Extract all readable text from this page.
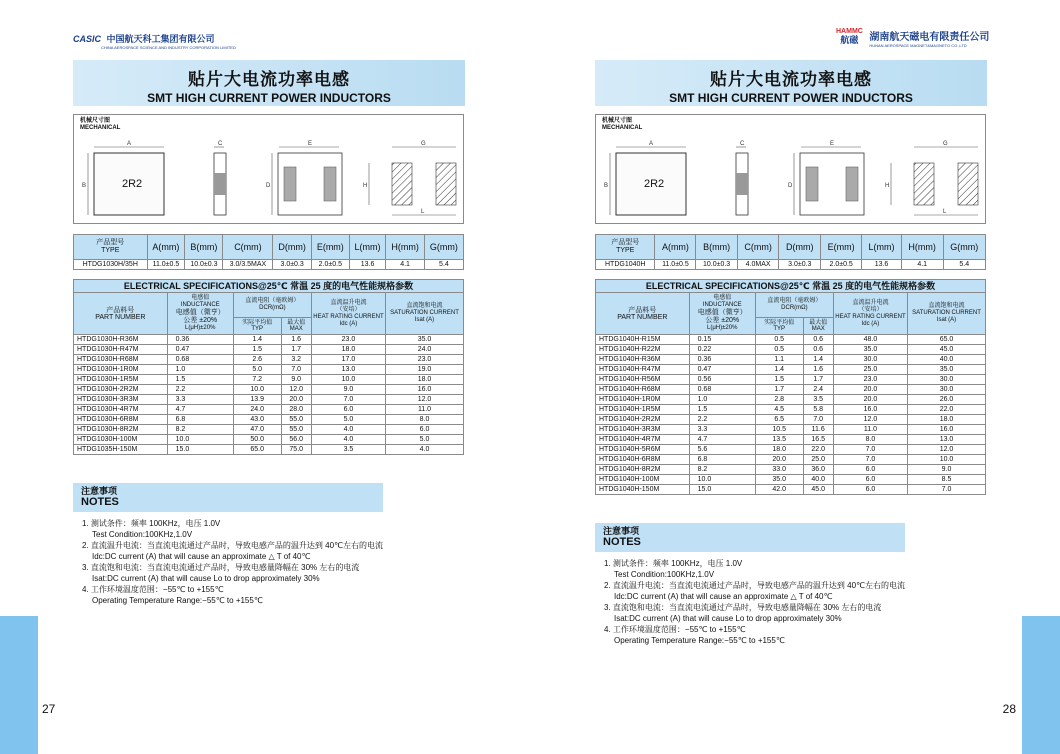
CASIC 中国航天科工集团有限公司
CHINA AEROSPACE SCIENCE AND INDUSTRY CORPORATION LIMITED
贴片大电流功率电感
SMT HIGH CURRENT POWER INDUCTORS
机械尺寸图
MECHANICAL
A
B
C
D
E	G
H
L
2R2
产品型号
TYPE	A(mm)	B(mm)	C(mm)	D(mm)	E(mm)	L(mm)	H(mm)	G(mm)
HTDG1030H/35H	11.0±0.5	10.0±0.3	3.0/3.5MAX	3.0±0.3	2.0±0.5	13.6	4.1	5.4
ELECTRICAL SPECIFICATIONS@25℃ 常温 25 度的电气性能规格参数					
产品料号
PART NUMBER	电感值
INDUCTANCE
电感值（微亨）
公差 ±20%
L(μH)±20%	直流电阻（毫欧姆）
DCR(mΩ)		直流温升电流
（安培）
HEAT RATING CURRENT
Idc (A)	直流饱和电流
SATURATION CURRENT
Isat (A)
		实际平均值
TYP	最大值
MAX		
HTDG1030H-R36M	0.36	1.4	1.6	23.0	35.0
HTDG1030H-R47M	0.47	1.5	1.7	18.0	24.0
HTDG1030H-R68M	0.68	2.6	3.2	17.0	23.0
HTDG1030H-1R0M	1.0	5.0	7.0	13.0	19.0
HTDG1030H-1R5M	1.5	7.2	9.0	10.0	18.0
HTDG1030H-2R2M	2.2	10.0	12.0	9.0	16.0
HTDG1030H-3R3M	3.3	13.9	20.0	7.0	12.0
HTDG1030H-4R7M	4.7	24.0	28.0	6.0	11.0
HTDG1030H-6R8M	6.8	43.0	55.0	5.0	8.0
HTDG1030H-8R2M	8.2	47.0	55.0	4.0	6.0
HTDG1030H-100M	10.0	50.0	56.0	4.0	5.0
HTDG1035H-150M	15.0	65.0	75.0	3.5	4.0
注意事项
NOTES
1. 测试条件：频率 100KHz，电压 1.0V
Test Condition:100KHz,1.0V
2. 直流温升电流：当直流电流通过产品时，导致电感产品的温升达到 40℃左右的电流
Idc:DC current (A) that will cause an approximate △ T of 40℃
3. 直流饱和电流：当直流电流通过产品时，导致电感量降幅在 30% 左右的电流
Isat:DC current (A) that will cause Lo to drop approximately 30%
4. 工作环境温度范围：−55℃ to +155℃
Operating Temperature Range:−55℃ to +155℃
27
HAMMC
航磁 湖南航天磁电有限责任公司
HUNAN AEROSPACE MAGNET&MAGNETO CO.,LTD
贴片大电流功率电感
SMT HIGH CURRENT POWER INDUCTORS
机械尺寸图
MECHANICAL
A
B
C
D
E	G
H
L
2R2
产品型号
TYPE	A(mm)	B(mm)	C(mm)	D(mm)	E(mm)	L(mm)	H(mm)	G(mm)
HTDG1040H	11.0±0.5	10.0±0.3	4.0MAX	3.0±0.3	2.0±0.5	13.6	4.1	5.4
ELECTRICAL SPECIFICATIONS@25℃ 常温 25 度的电气性能规格参数					
产品料号
PART NUMBER	电感值
INDUCTANCE
电感值（微亨）
公差 ±20%
L(μH)±20%	直流电阻（毫欧姆）
DCR(mΩ)		直流温升电流
（安培）
HEAT RATING CURRENT
Idc (A)	直流饱和电流
SATURATION CURRENT
Isat (A)
		实际平均值
TYP	最大值
MAX		
HTDG1040H-R15M	0.15	0.5	0.6	48.0	65.0
HTDG1040H-R22M	0.22	0.5	0.6	35.0	45.0
HTDG1040H-R36M	0.36	1.1	1.4	30.0	40.0
HTDG1040H-R47M	0.47	1.4	1.6	25.0	35.0
HTDG1040H-R56M	0.56	1.5	1.7	23.0	30.0
HTDG1040H-R68M	0.68	1.7	2.4	20.0	30.0
HTDG1040H-1R0M	1.0	2.8	3.5	20.0	26.0
HTDG1040H-1R5M	1.5	4.5	5.8	16.0	22.0
HTDG1040H-2R2M	2.2	6.5	7.0	12.0	18.0
HTDG1040H-3R3M	3.3	10.5	11.6	11.0	16.0
HTDG1040H-4R7M	4.7	13.5	16.5	8.0	13.0
HTDG1040H-5R6M	5.6	18.0	22.0	7.0	12.0
HTDG1040H-6R8M	6.8	20.0	25.0	7.0	10.0
HTDG1040H-8R2M	8.2	33.0	36.0	6.0	9.0
HTDG1040H-100M	10.0	35.0	40.0	6.0	8.5
HTDG1040H-150M	15.0	42.0	45.0	6.0	7.0
注意事项
NOTES
1. 测试条件：频率 100KHz，电压 1.0V
Test Condition:100KHz,1.0V
2. 直流温升电流：当直流电流通过产品时，导致电感产品的温升达到 40℃左右的电流
Idc:DC current (A) that will cause an approximate △ T of 40℃
3. 直流饱和电流：当直流电流通过产品时，导致电感量降幅在 30% 左右的电流
Isat:DC current (A) that will cause Lo to drop approximately 30%
4. 工作环境温度范围：−55℃ to +155℃
Operating Temperature Range:−55℃ to +155℃
28
